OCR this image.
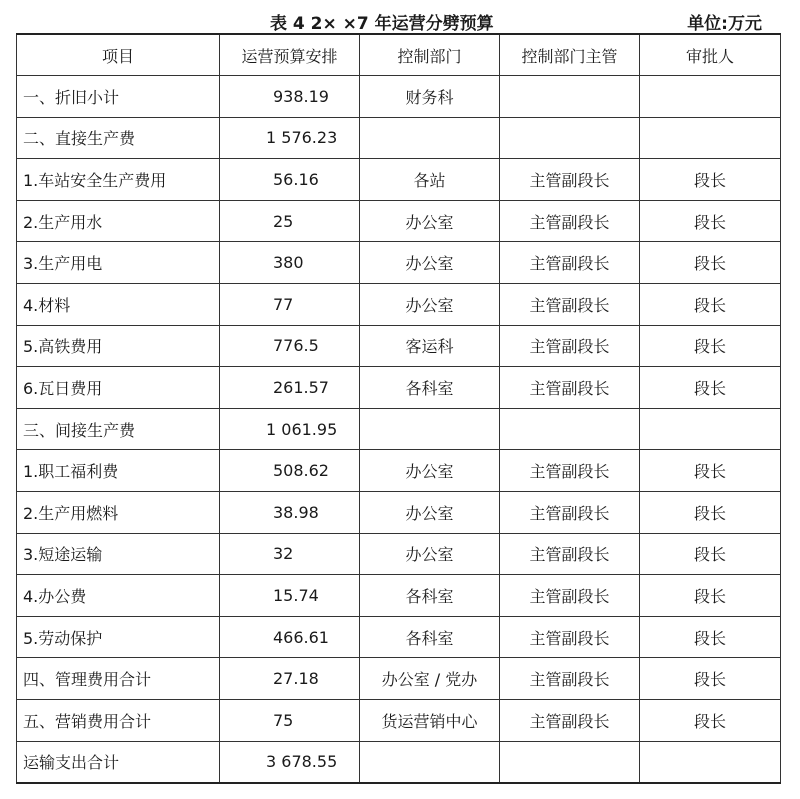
表 4 2× ×7 年运营分劈预算	单位:万元
项目	运营预算安排	控制部门	控制部门主管	审批人
一、折旧小计	938.19	财务科		
二、直接生产费	1 576.23			
1.车站安全生产费用	56.16	各站	主管副段长	段长
2.生产用水	25	办公室	主管副段长	段长
3.生产用电	380	办公室	主管副段长	段长
4.材料	77	办公室	主管副段长	段长
5.高铁费用	776.5	客运科	主管副段长	段长
6.瓦日费用	261.57	各科室	主管副段长	段长
三、间接生产费	1 061.95			
1.职工福利费	508.62	办公室	主管副段长	段长
2.生产用燃料	38.98	办公室	主管副段长	段长
3.短途运输	32	办公室	主管副段长	段长
4.办公费	15.74	各科室	主管副段长	段长
5.劳动保护	466.61	各科室	主管副段长	段长
四、管理费用合计	27.18	办公室 / 党办	主管副段长	段长
五、营销费用合计	75	货运营销中心	主管副段长	段长
运输支出合计	3 678.55			
